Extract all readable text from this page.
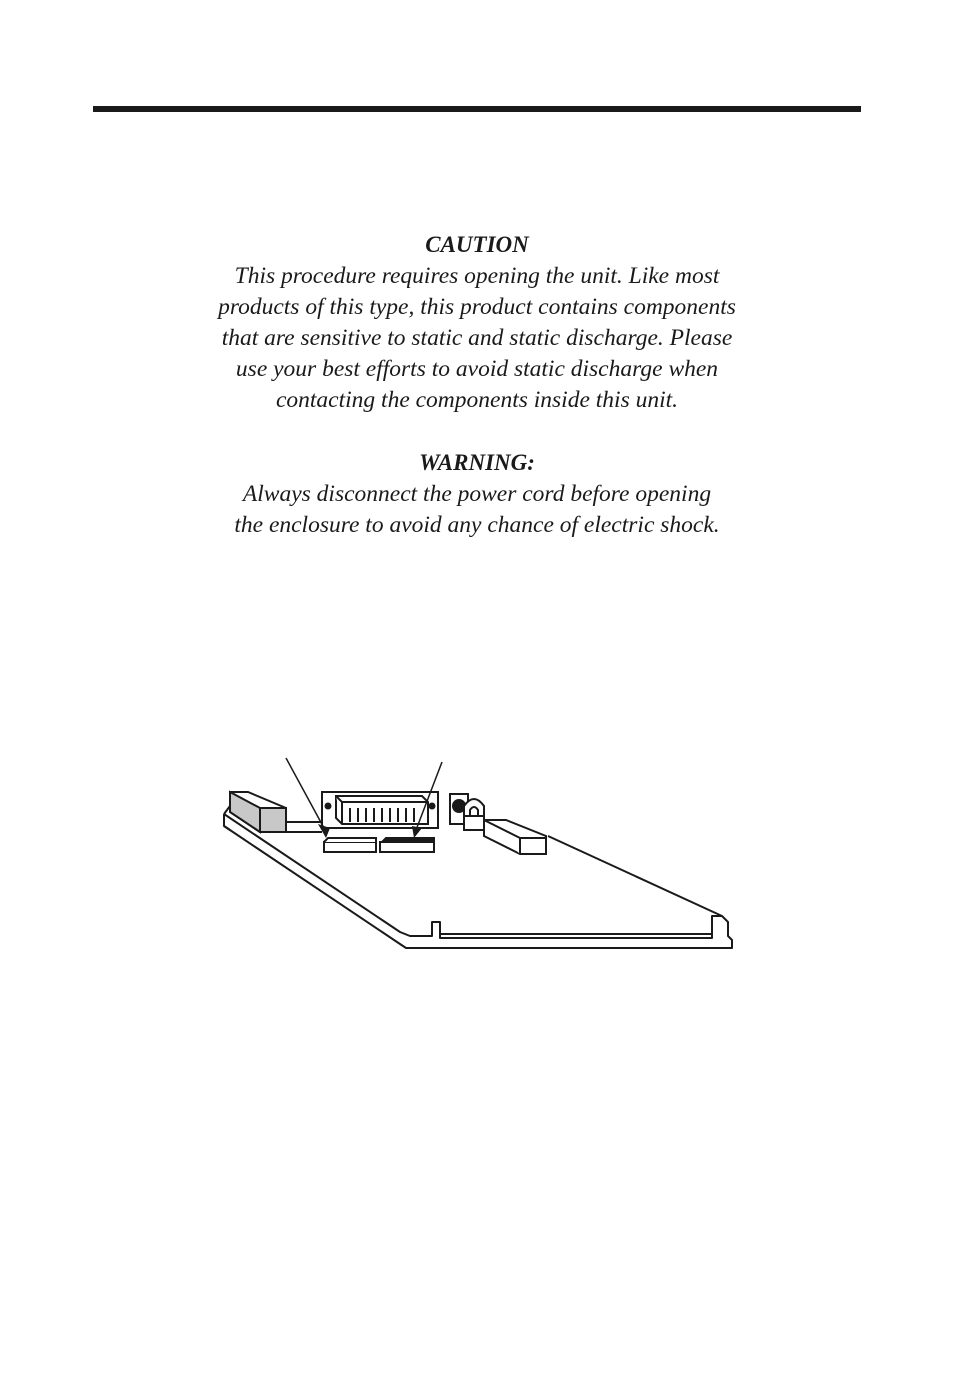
CAUTION

This procedure requires opening the unit. Like most

products of this type, this product contains components

that are sensitive to static and static discharge. Please

use your best efforts to avoid static discharge when

contacting the components inside this unit.

WARNING:

Always disconnect the power cord before opening

the enclosure to avoid any chance of electric shock.
